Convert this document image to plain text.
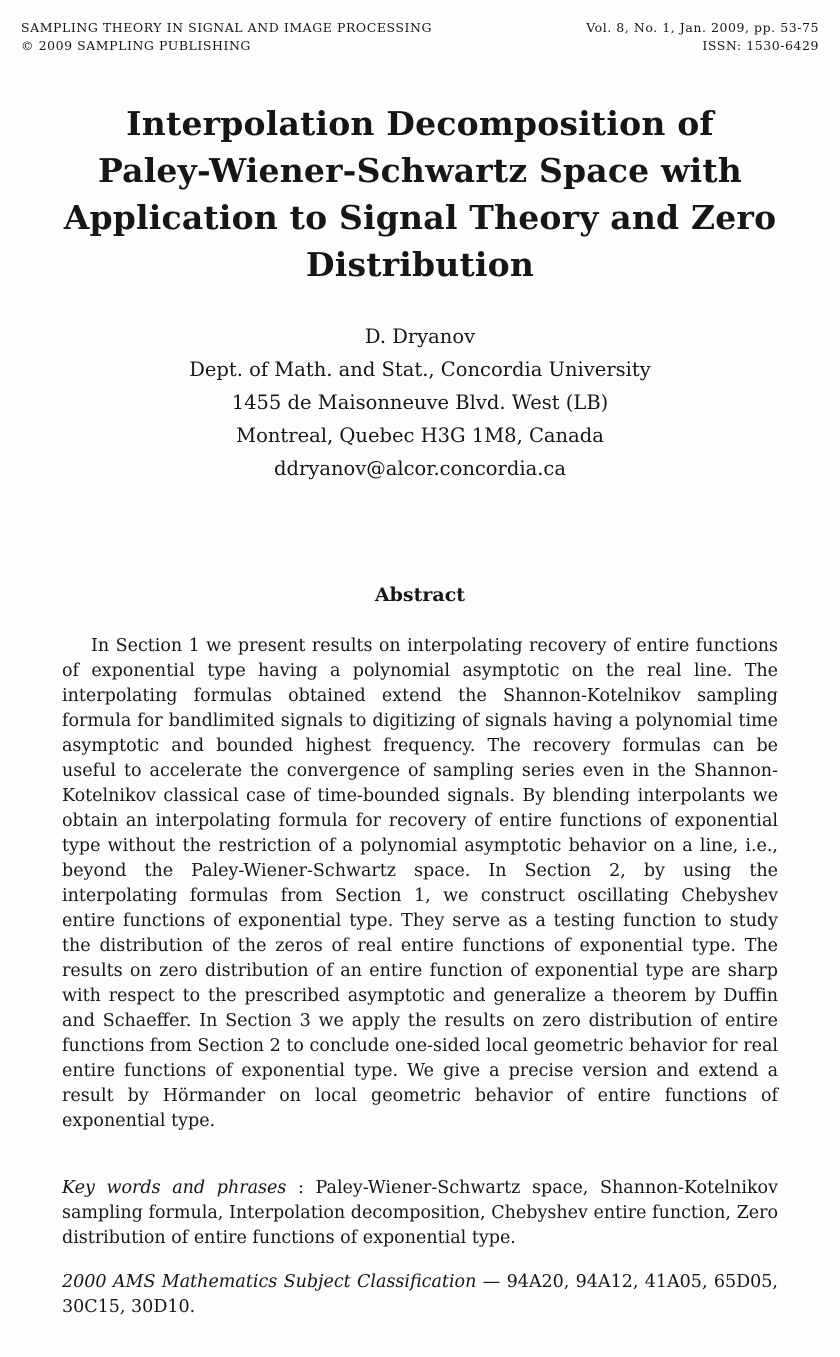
SAMPLING THEORY IN SIGNAL AND IMAGE PROCESSING
© 2009 SAMPLING PUBLISHING
Vol. 8, No. 1, Jan. 2009, pp. 53-75
ISSN: 1530-6429
Interpolation Decomposition of
Paley-Wiener-Schwartz Space with
Application to Signal Theory and Zero
Distribution
D. Dryanov
Dept. of Math. and Stat., Concordia University
1455 de Maisonneuve Blvd. West (LB)
Montreal, Quebec H3G 1M8, Canada
ddryanov@alcor.concordia.ca
Abstract

In Section 1 we present results on interpolating recovery of entire functions of exponential type having a polynomial asymptotic on the real line. The interpolating formulas obtained extend the Shannon-Kotelnikov sampling formula for bandlimited signals to digitizing of signals having a polynomial time asymptotic and bounded highest frequency. The recovery formulas can be useful to accelerate the convergence of sampling series even in the Shannon-Kotelnikov classical case of time-bounded signals. By blending interpolants we obtain an interpolating formula for recovery of entire functions of exponential type without the restriction of a polynomial asymptotic behavior on a line, i.e., beyond the Paley-Wiener-Schwartz space. In Section 2, by using the interpolating formulas from Section 1, we construct oscillating Chebyshev entire functions of exponential type. They serve as a testing function to study the distribution of the zeros of real entire functions of exponential type. The results on zero distribution of an entire function of exponential type are sharp with respect to the prescribed asymptotic and generalize a theorem by Duffin and Schaeffer. In Section 3 we apply the results on zero distribution of entire functions from Section 2 to conclude one-sided local geometric behavior for real entire functions of exponential type. We give a precise version and extend a result by Hörmander on local geometric behavior of entire functions of exponential type.

Key words and phrases : Paley-Wiener-Schwartz space, Shannon-Kotelnikov sampling formula, Interpolation decomposition, Chebyshev entire function, Zero distribution of entire functions of exponential type.

2000 AMS Mathematics Subject Classification — 94A20, 94A12, 41A05, 65D05, 30C15, 30D10.
